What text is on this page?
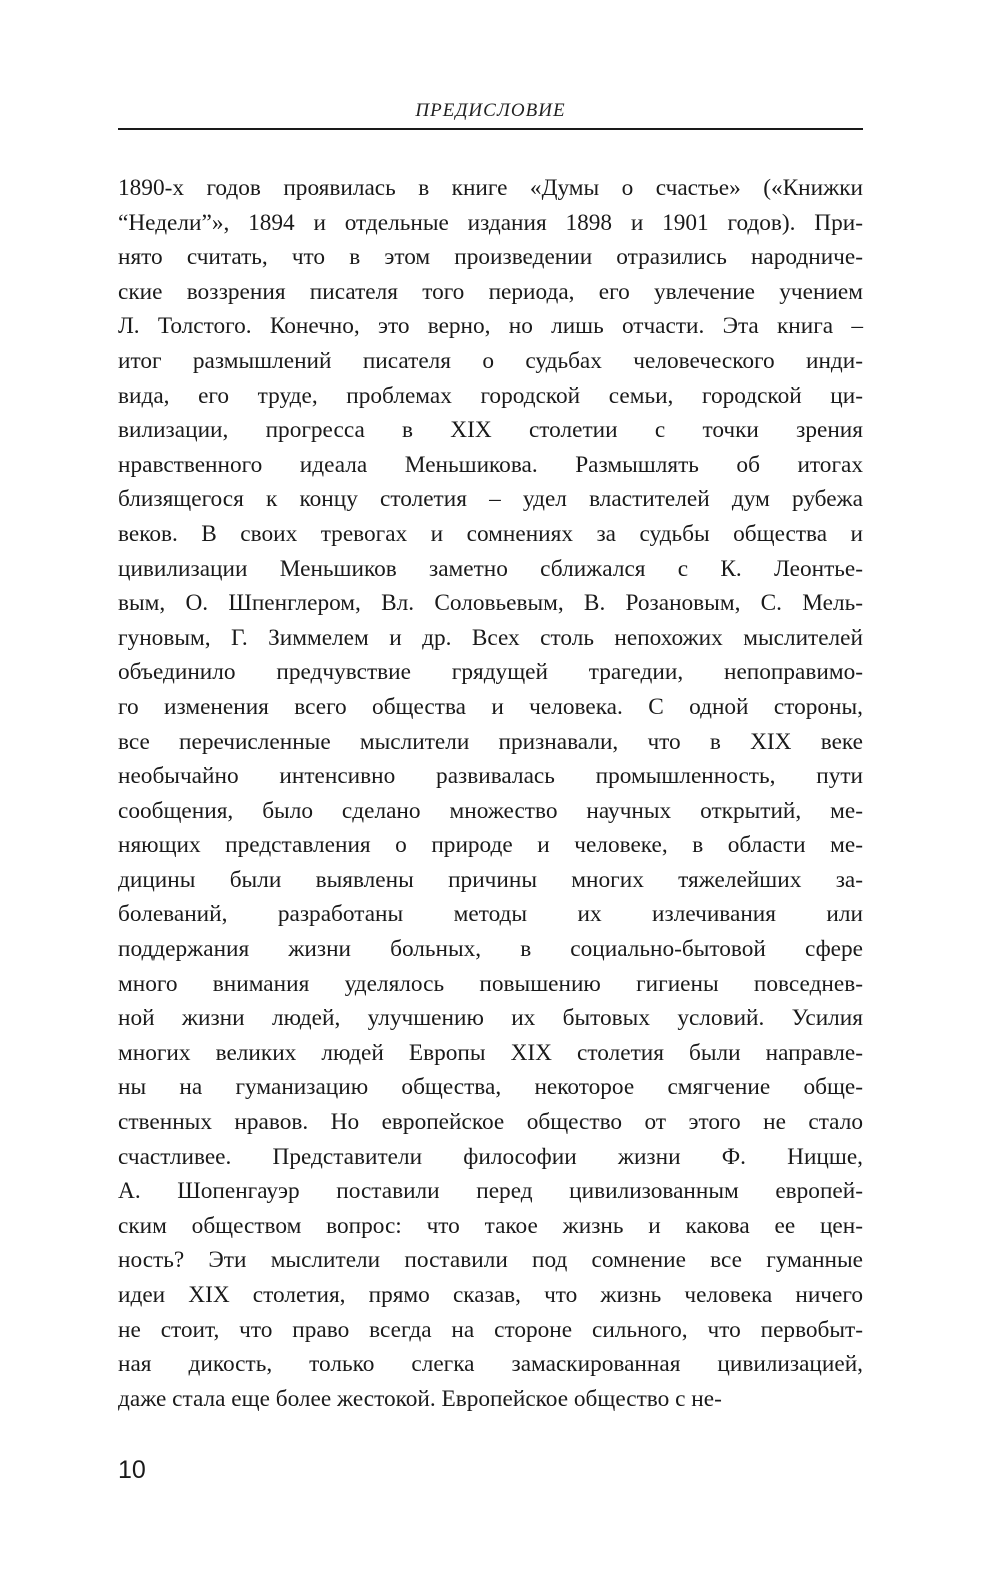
ПРЕДИСЛОВИЕ
1890-х годов проявилась в книге «Думы о счастье» («Книжки
“Недели”», 1894 и отдельные издания 1898 и 1901 годов). При-
нято считать, что в этом произведении отразились народниче-
ские воззрения писателя того периода, его увлечение учением
Л. Толстого. Конечно, это верно, но лишь отчасти. Эта книга –
итог размышлений писателя о судьбах человеческого инди-
вида, его труде, проблемах городской семьи, городской ци-
вилизации, прогресса в XIX столетии с точки зрения
нравственного идеала Меньшикова. Размышлять об итогах
близящегося к концу столетия – удел властителей дум рубежа
веков. В своих тревогах и сомнениях за судьбы общества и
цивилизации Меньшиков заметно сближался с К. Леонтье-
вым, О. Шпенглером, Вл. Соловьевым, В. Розановым, С. Мель-
гуновым, Г. Зиммелем и др. Всех столь непохожих мыслителей
объединило предчувствие грядущей трагедии, непоправимо-
го изменения всего общества и человека. С одной стороны,
все перечисленные мыслители признавали, что в XIX веке
необычайно интенсивно развивалась промышленность, пути
сообщения, было сделано множество научных открытий, ме-
няющих представления о природе и человеке, в области ме-
дицины были выявлены причины многих тяжелейших за-
болеваний, разработаны методы их излечивания или
поддержания жизни больных, в социально-бытовой сфере
много внимания уделялось повышению гигиены повседнев-
ной жизни людей, улучшению их бытовых условий. Усилия
многих великих людей Европы XIX столетия были направле-
ны на гуманизацию общества, некоторое смягчение обще-
ственных нравов. Но европейское общество от этого не стало
счастливее. Представители философии жизни Ф. Ницше,
А. Шопенгауэр поставили перед цивилизованным европей-
ским обществом вопрос: что такое жизнь и какова ее цен-
ность? Эти мыслители поставили под сомнение все гуманные
идеи XIX столетия, прямо сказав, что жизнь человека ничего
не стоит, что право всегда на стороне сильного, что первобыт-
ная дикость, только слегка замаскированная цивилизацией,
даже стала еще более жестокой. Европейское общество с не-
10
